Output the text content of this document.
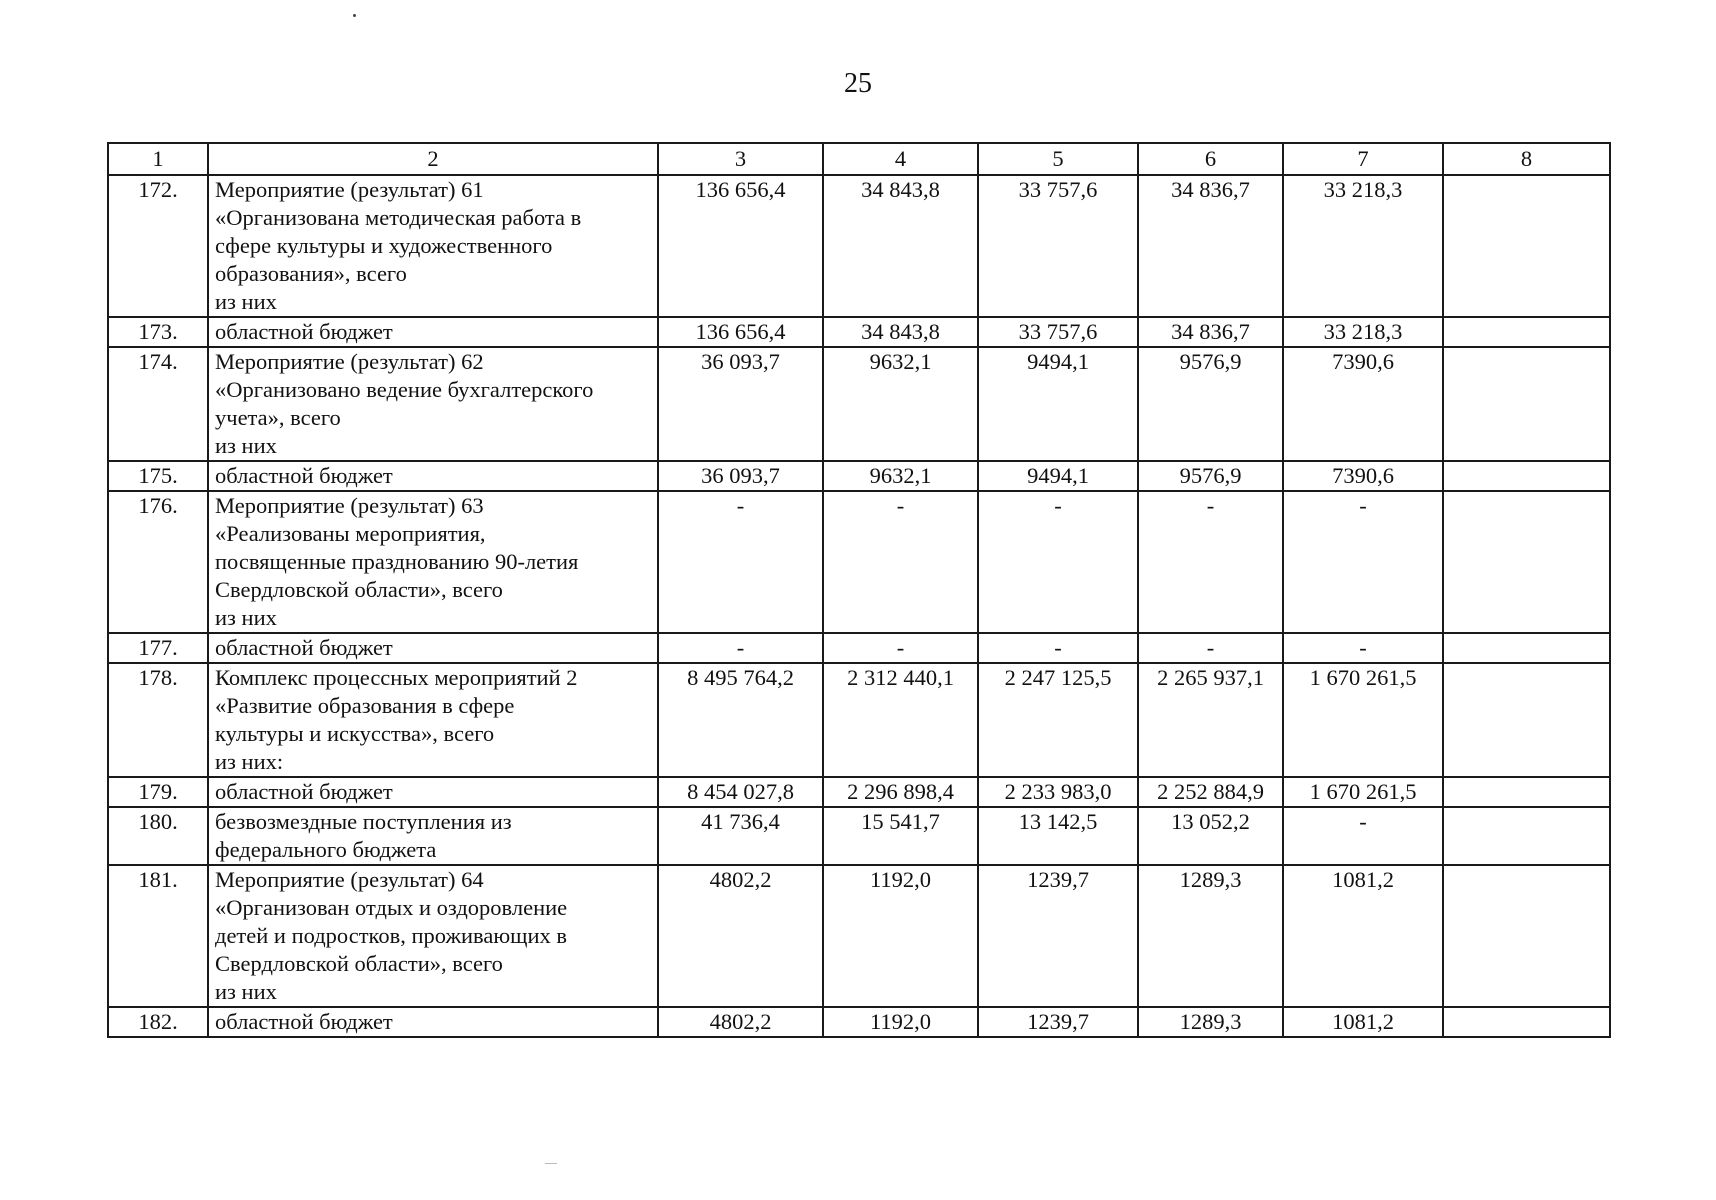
25
1	2	3	4	5	6	7	8
172.	Мероприятие (результат) 61
«Организована методическая работа в
сфере культуры и художественного
образования», всего
из них	136 656,4	34 843,8	33 757,6	34 836,7	33 218,3	
173.	областной бюджет	136 656,4	34 843,8	33 757,6	34 836,7	33 218,3	
174.	Мероприятие (результат) 62
«Организовано ведение бухгалтерского
учета», всего
из них	36 093,7	9632,1	9494,1	9576,9	7390,6	
175.	областной бюджет	36 093,7	9632,1	9494,1	9576,9	7390,6	
176.	Мероприятие (результат) 63
«Реализованы мероприятия,
посвященные празднованию 90-летия
Свердловской области», всего
из них	-	-	-	-	-	
177.	областной бюджет	-	-	-	-	-	
178.	Комплекс процессных мероприятий 2
«Развитие образования в сфере
культуры и искусства», всего
из них:	8 495 764,2	2 312 440,1	2 247 125,5	2 265 937,1	1 670 261,5	
179.	областной бюджет	8 454 027,8	2 296 898,4	2 233 983,0	2 252 884,9	1 670 261,5	
180.	безвозмездные поступления из
федерального бюджета	41 736,4	15 541,7	13 142,5	13 052,2	-	
181.	Мероприятие (результат) 64
«Организован отдых и оздоровление
детей и подростков, проживающих в
Свердловской области», всего
из них	4802,2	1192,0	1239,7	1289,3	1081,2	
182.	областной бюджет	4802,2	1192,0	1239,7	1289,3	1081,2	
